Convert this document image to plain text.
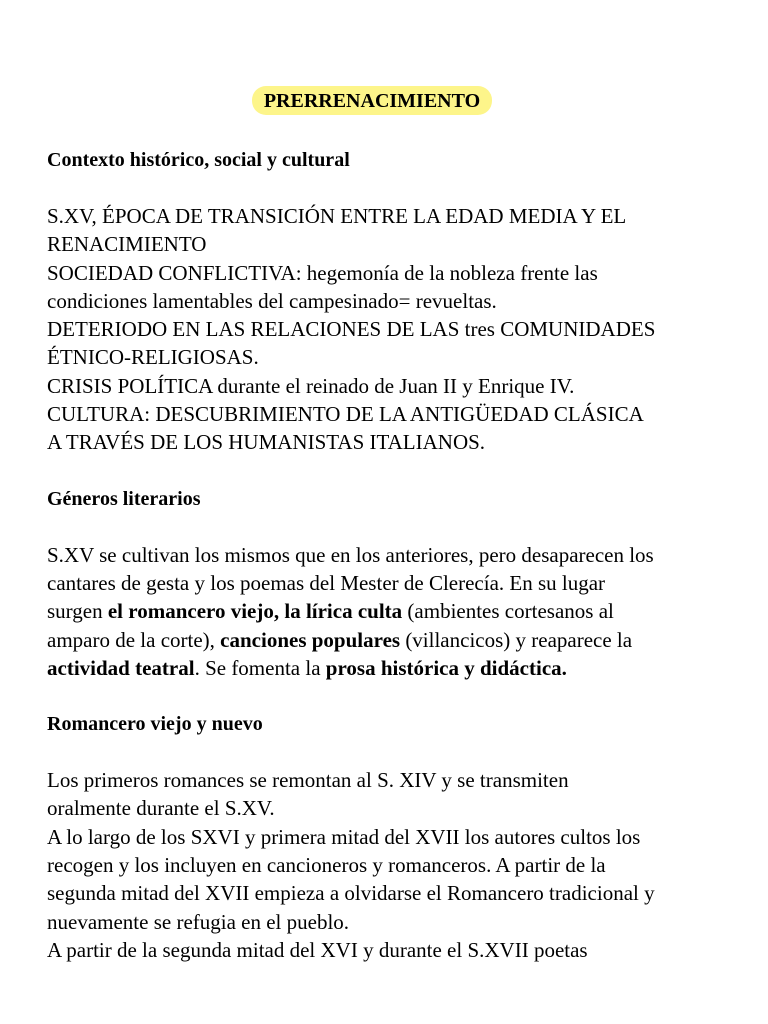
PRERRENACIMIENTO

Contexto histórico, social y cultural

S.XV, ÉPOCA DE TRANSICIÓN ENTRE LA EDAD MEDIA Y EL

RENACIMIENTO

SOCIEDAD CONFLICTIVA: hegemonía de la nobleza frente las

condiciones lamentables del campesinado= revueltas.

DETERIODO EN LAS RELACIONES DE LAS tres COMUNIDADES

ÉTNICO-RELIGIOSAS.

CRISIS POLÍTICA durante el reinado de Juan II y Enrique IV.

CULTURA: DESCUBRIMIENTO DE LA ANTIGÜEDAD CLÁSICA

A TRAVÉS DE LOS HUMANISTAS ITALIANOS.

Géneros literarios

S.XV se cultivan los mismos que en los anteriores, pero desaparecen los

cantares de gesta y los poemas del Mester de Clerecía. En su lugar

surgen el romancero viejo, la lírica culta (ambientes cortesanos al

amparo de la corte), canciones populares (villancicos) y reaparece la

actividad teatral. Se fomenta la prosa histórica y didáctica.

Romancero viejo y nuevo

Los primeros romances se remontan al S. XIV y se transmiten

oralmente durante el S.XV.

A lo largo de los SXVI y primera mitad del XVII los autores cultos los

recogen y los incluyen en cancioneros y romanceros. A partir de la

segunda mitad del XVII empieza a olvidarse el Romancero tradicional y

nuevamente se refugia en el pueblo.

A partir de la segunda mitad del XVI y durante el S.XVII poetas
